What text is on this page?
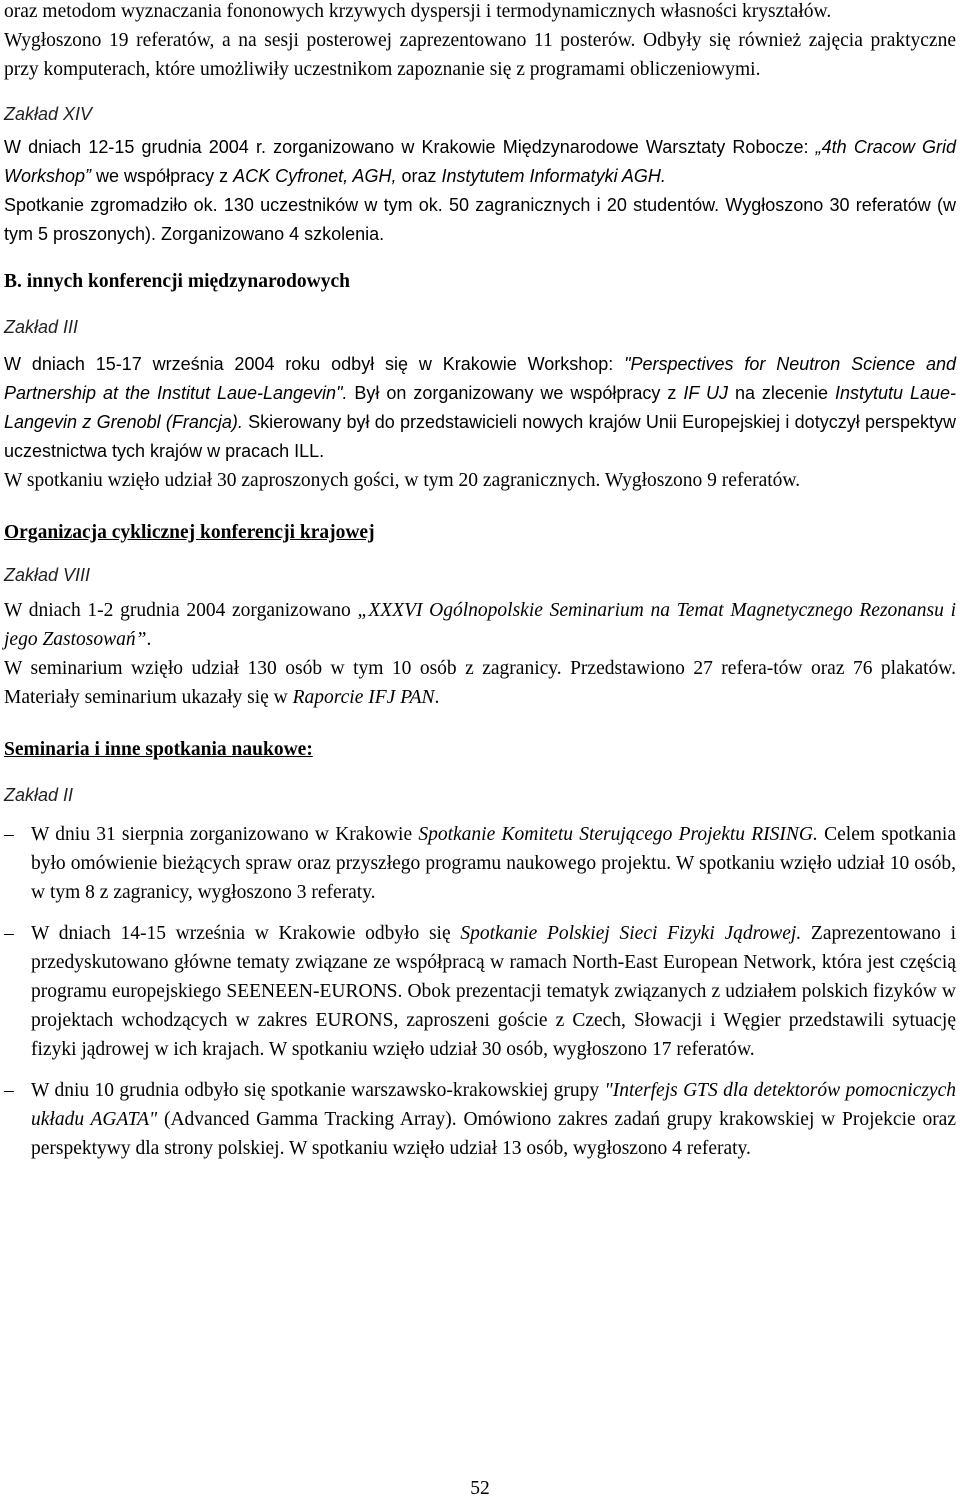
oraz metodom wyznaczania fononowych krzywych dyspersji i termodynamicznych własności kryształów.
Wygłoszono 19 referatów, a na sesji posterowej zaprezentowano 11 posterów. Odbyły się również zajęcia praktyczne przy komputerach, które umożliwiły uczestnikom zapoznanie się z programami obliczeniowymi.

Zakład XIV

W dniach 12-15 grudnia 2004 r. zorganizowano w Krakowie Międzynarodowe Warsztaty Robocze: „4th Cracow Grid Workshop” we współpracy z ACK Cyfronet, AGH, oraz Instytutem Informatyki AGH.

Spotkanie zgromadziło ok. 130 uczestników w tym ok. 50 zagranicznych i 20 studentów. Wygłoszono 30 referatów (w tym 5 proszonych). Zorganizowano 4 szkolenia.

B. innych konferencji międzynarodowych

Zakład III

W dniach 15-17 września 2004 roku odbył się w Krakowie Workshop: "Perspectives for Neutron Science and Partnership at the Institut Laue-Langevin". Był on zorganizowany we współpracy z IF UJ na zlecenie Instytutu Laue-Langevin z Grenobl (Francja). Skierowany był do przedstawicieli nowych krajów Unii Europejskiej i dotyczył perspektyw uczestnictwa tych krajów w pracach ILL.

W spotkaniu wzięło udział 30 zaproszonych gości, w tym 20 zagranicznych. Wygłoszono 9 referatów.

Organizacja cyklicznej konferencji krajowej

Zakład VIII

W dniach 1-2 grudnia 2004 zorganizowano „XXXVI Ogólnopolskie Seminarium na Temat Magnetycznego Rezonansu i jego Zastosowań”.

W seminarium wzięło udział 130 osób w tym 10 osób z zagranicy. Przedstawiono 27 refera-tów oraz 76 plakatów. Materiały seminarium ukazały się w Raporcie IFJ PAN.

Seminaria i inne spotkania naukowe:

Zakład II

– W dniu 31 sierpnia zorganizowano w Krakowie Spotkanie Komitetu Sterującego Projektu RISING. Celem spotkania było omówienie bieżących spraw oraz przyszłego programu naukowego projektu. W spotkaniu wzięło udział 10 osób, w tym 8 z zagranicy, wygłoszono 3 referaty.

– W dniach 14-15 września w Krakowie odbyło się Spotkanie Polskiej Sieci Fizyki Jądrowej. Zaprezentowano i przedyskutowano główne tematy związane ze współpracą w ramach North-East European Network, która jest częścią programu europejskiego SEENEEN-EURONS. Obok prezentacji tematyk związanych z udziałem polskich fizyków w projektach wchodzących w zakres EURONS, zaproszeni goście z Czech, Słowacji i Węgier przedstawili sytuację fizyki jądrowej w ich krajach. W spotkaniu wzięło udział 30 osób, wygłoszono 17 referatów.

– W dniu 10 grudnia odbyło się spotkanie warszawsko-krakowskiej grupy "Interfejs GTS dla detektorów pomocniczych układu AGATA" (Advanced Gamma Tracking Array). Omówiono zakres zadań grupy krakowskiej w Projekcie oraz perspektywy dla strony polskiej. W spotkaniu wzięło udział 13 osób, wygłoszono 4 referaty.

52
